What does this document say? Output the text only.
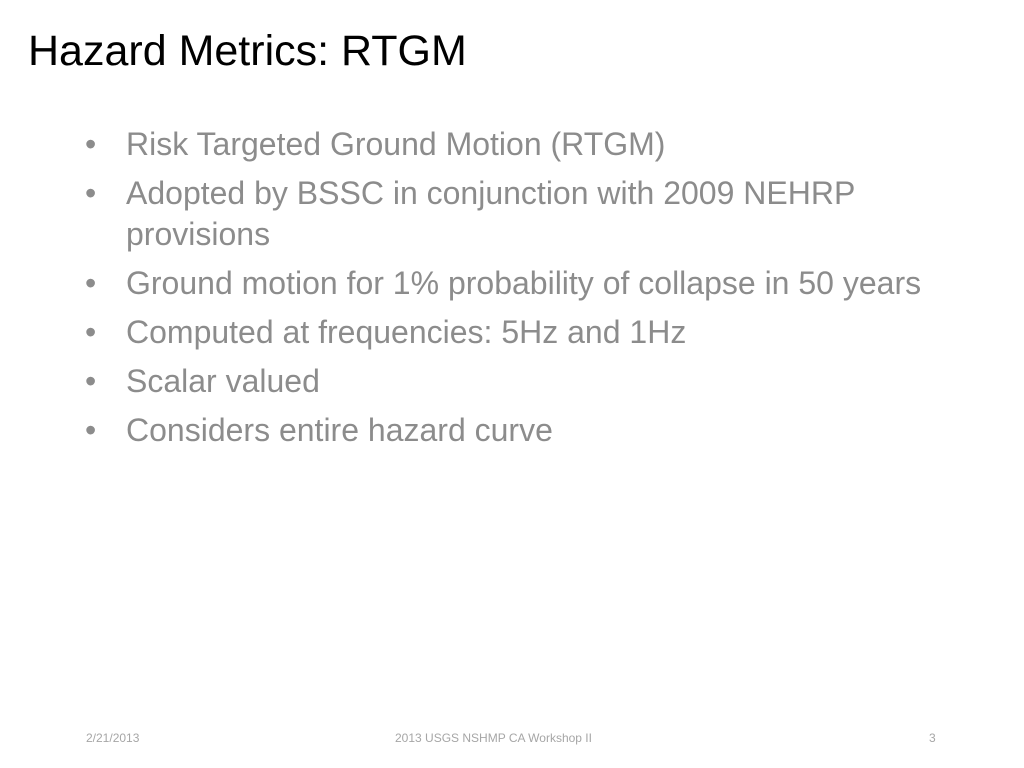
Hazard Metrics: RTGM
• Risk Targeted Ground Motion (RTGM)
• Adopted by BSSC in conjunction with 2009 NEHRP provisions
• Ground motion for 1% probability of collapse in 50 years
• Computed at frequencies: 5Hz and 1Hz
• Scalar valued
• Considers entire hazard curve
2/21/2013	2013 USGS NSHMP CA Workshop II	3
